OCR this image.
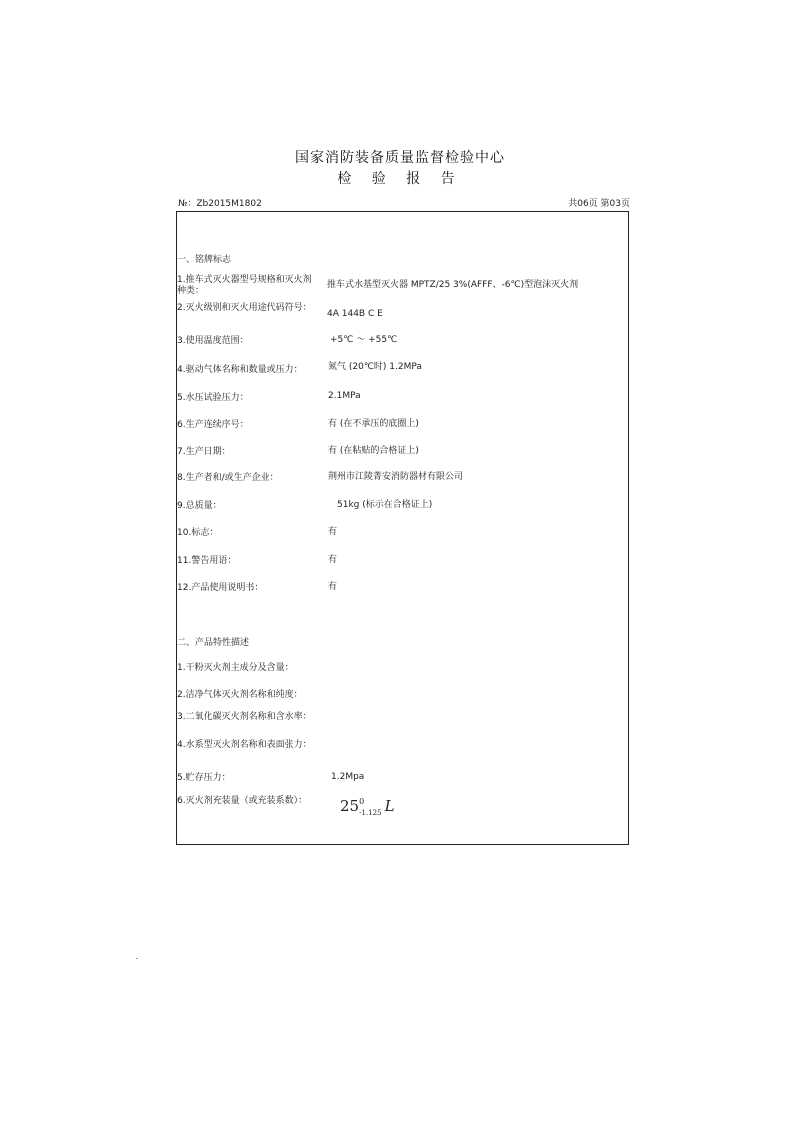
国家消防装备质量监督检验中心
检 验 报 告
№：Zb2015M1802	共06页 第03页
一、铭牌标志
1.推车式灭火器型号规格和灭火剂种类：
推车式水基型灭火器 MPTZ/25 3%(AFFF、-6℃)型泡沫灭火剂
2.灭火级别和灭火用途代码符号：
4A 144B C E
3.使用温度范围：	+5℃ ～ +55℃
4.驱动气体名称和数量或压力：	氮气 (20℃时) 1.2MPa
5.水压试验压力：	2.1MPa
6.生产连续序号：	有 (在不承压的底圈上)
7.生产日期：	有 (在粘贴的合格证上)
8.生产者和/或生产企业：	荆州市江陵菁安消防器材有限公司
9.总质量：	51kg (标示在合格证上)
10.标志：	有
11.警告用语：	有
12.产品使用说明书：	有
二、产品特性描述
1.干粉灭火剂主成分及含量：
2.洁净气体灭火剂名称和纯度：
3.二氧化碳灭火剂名称和含水率：
4.水系型灭火剂名称和表面张力：
5.贮存压力：	1.2Mpa
6.灭火剂充装量（或充装系数）：	$25^0_{-1.125}$ L
